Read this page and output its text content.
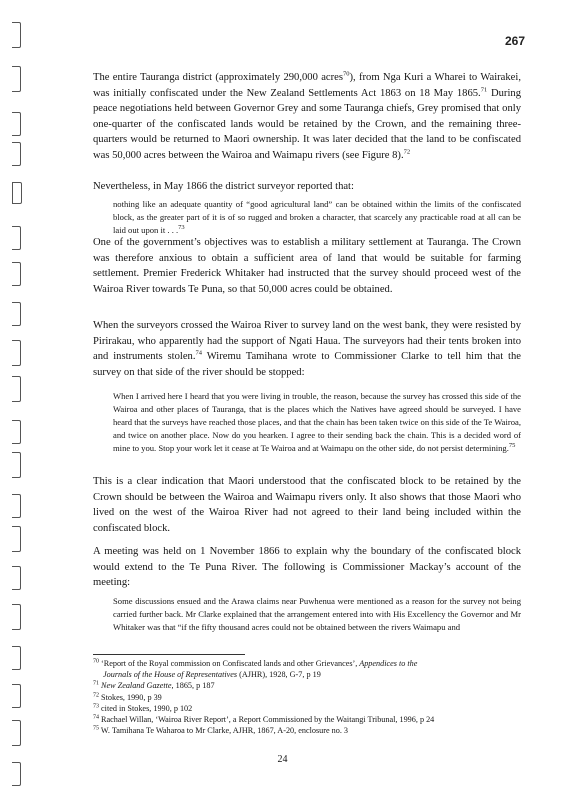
267
The entire Tauranga district (approximately 290,000 acres$^{70}$), from Nga Kuri a Wharei to Wairakei, was initially confiscated under the New Zealand Settlements Act 1863 on 18 May 1865.71 During peace negotiations held between Governor Grey and some Tauranga chiefs, Grey promised that only one-quarter of the confiscated lands would be retained by the Crown, and the remaining three-quarters would be returned to Maori ownership. It was later decided that the land to be confiscated was 50,000 acres between the Wairoa and Waimapu rivers (see Figure 8).$^{72}$
Nevertheless, in May 1866 the district surveyor reported that:
nothing like an adequate quantity of “good agricultural land” can be obtained within the limits of the confiscated block, as the greater part of it is of so rugged and broken a character, that scarcely any practicable road at all can be laid out upon it . . .$^{73}$
One of the government’s objectives was to establish a military settlement at Tauranga. The Crown was therefore anxious to obtain a sufficient area of land that would be suitable for farming settlement. Premier Frederick Whitaker had instructed that the survey should proceed west of the Wairoa River towards Te Puna, so that 50,000 acres could be obtained.
When the surveyors crossed the Wairoa River to survey land on the west bank, they were resisted by Pirirakau, who apparently had the support of Ngati Haua. The surveyors had their tents broken into and instruments stolen.$^{74}$ Wiremu Tamihana wrote to Commissioner Clarke to tell him that the survey on that side of the river should be stopped:
When I arrived here I heard that you were living in trouble, the reason, because the survey has crossed this side of the Wairoa and other places of Tauranga, that is the places which the Natives have agreed should be surveyed. I have heard that the surveys have reached those places, and that the chain has been taken twice on this side of the Te Wairoa, and twice on another place. Now do you hearken. I agree to their sending back the chain. This is a decided word of mine to you. Stop your work let it cease at Te Wairoa and at Waimapu on the other side, do not persist determining.$^{75}$
This is a clear indication that Maori understood that the confiscated block to be retained by the Crown should be between the Wairoa and Waimapu rivers only. It also shows that those Maori who lived on the west of the Wairoa River had not agreed to their land being included within the confiscated block.
A meeting was held on 1 November 1866 to explain why the boundary of the confiscated block would extend to the Te Puna River. The following is Commissioner Mackay’s account of the meeting:
Some discussions ensued and the Arawa claims near Puwhenua were mentioned as a reason for the survey not being carried further back. Mr Clarke explained that the arrangement entered into with His Excellency the Governor and Mr Whitaker was that “if the fifty thousand acres could not be obtained between the rivers Waimapu and
$^{70}$ ‘Report of the Royal commission on Confiscated lands and other Grievances’, Appendices to the
Journals of the House of Representatives (AJHR), 1928, G-7, p 19
$^{71}$ New Zealand Gazette, 1865, p 187
$^{72}$ Stokes, 1990, p 39
$^{73}$ cited in Stokes, 1990, p 102
$^{74}$ Rachael Willan, ‘Wairoa River Report’, a Report Commissioned by the Waitangi Tribunal, 1996, p 24
$^{75}$ W. Tamihana Te Waharoa to Mr Clarke, AJHR, 1867, A-20, enclosure no. 3
24
